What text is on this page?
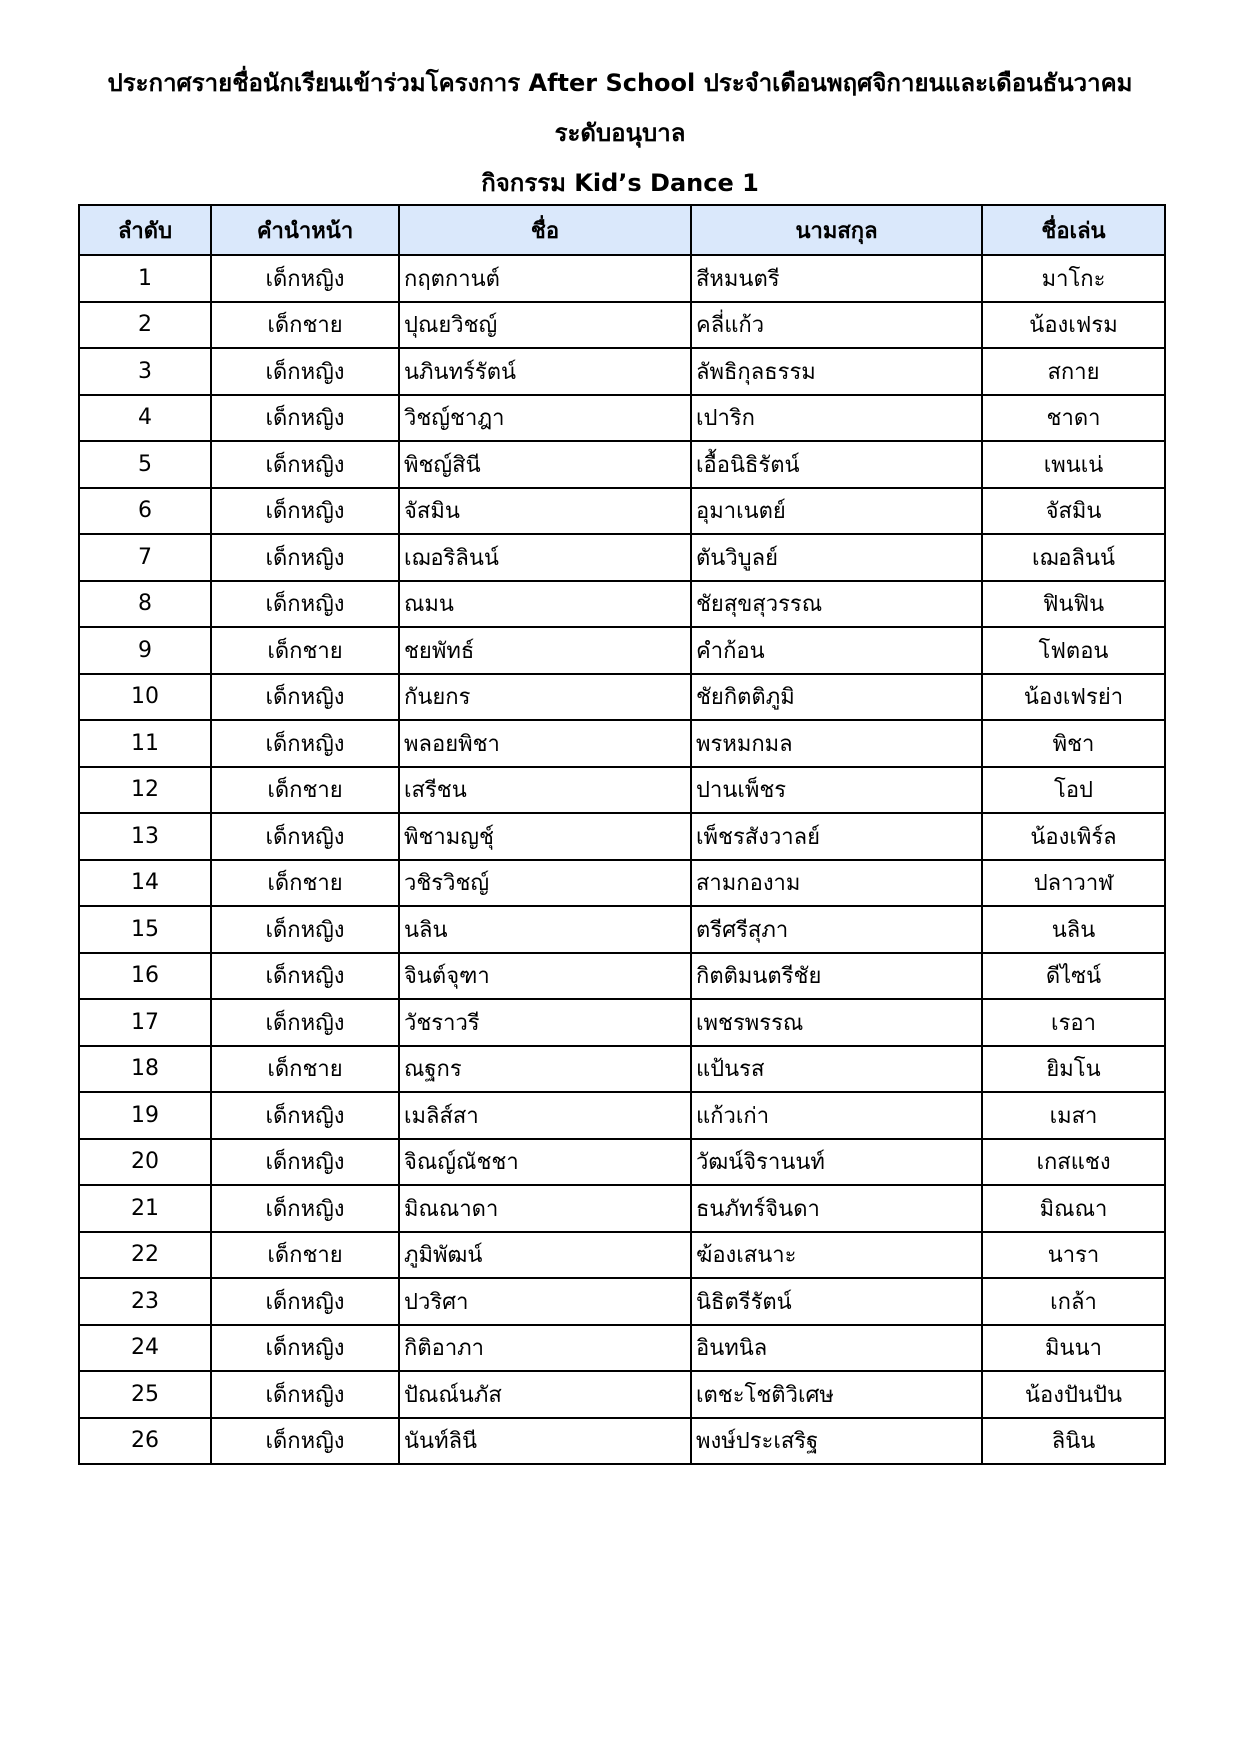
ประกาศรายชื่อนักเรียนเข้าร่วมโครงการ After School ประจำเดือนพฤศจิกายนและเดือนธันวาคม
ระดับอนุบาล
กิจกรรม Kid’s Dance 1
ลำดับ	คำนำหน้า	ชื่อ	นามสกุล	ชื่อเล่น
1	เด็กหญิง	กฤตกานต์	สีหมนตรี	มาโกะ
2	เด็กชาย	ปุณยวิชญ์	คลี่แก้ว	น้องเฟรม
3	เด็กหญิง	นภินทร์รัตน์	ลัพธิกุลธรรม	สกาย
4	เด็กหญิง	วิชญ์ชาฎา	เปาริก	ชาดา
5	เด็กหญิง	พิชญ์สินี	เอื้อนิธิรัตน์	เพนเน่
6	เด็กหญิง	จัสมิน	อุมาเนตย์	จัสมิน
7	เด็กหญิง	เฌอริลินน์	ตันวิบูลย์	เฌอลินน์
8	เด็กหญิง	ณมน	ชัยสุขสุวรรณ	ฟินฟิน
9	เด็กชาย	ชยพัทธ์	คำก้อน	โฟตอน
10	เด็กหญิง	กันยกร	ชัยกิตติภูมิ	น้องเฟรย่า
11	เด็กหญิง	พลอยพิชา	พรหมกมล	พิชา
12	เด็กชาย	เสรีชน	ปานเพ็ชร	โอป
13	เด็กหญิง	พิชามญชุ์	เพ็ชรสังวาลย์	น้องเพิร์ล
14	เด็กชาย	วชิรวิชญ์	สามกองาม	ปลาวาฬ
15	เด็กหญิง	นลิน	ตรีศรีสุภา	นลิน
16	เด็กหญิง	จินต์จุฑา	กิตติมนตรีชัย	ดีไซน์
17	เด็กหญิง	วัชราวรี	เพชรพรรณ	เรอา
18	เด็กชาย	ณฐกร	แป้นรส	ยิมโน
19	เด็กหญิง	เมลิส์สา	แก้วเก่า	เมสา
20	เด็กหญิง	จิณญ์ณัชชา	วัฒน์จิรานนท์	เกสแชง
21	เด็กหญิง	มิณณาดา	ธนภัทร์จินดา	มิณณา
22	เด็กชาย	ภูมิพัฒน์	ฆ้องเสนาะ	นารา
23	เด็กหญิง	ปวริศา	นิธิตรีรัตน์	เกล้า
24	เด็กหญิง	กิติอาภา	อินทนิล	มินนา
25	เด็กหญิง	ปัณณ์นภัส	เตชะโชติวิเศษ	น้องปันปัน
26	เด็กหญิง	นันท์ลินี	พงษ์ประเสริฐ	ลินิน
